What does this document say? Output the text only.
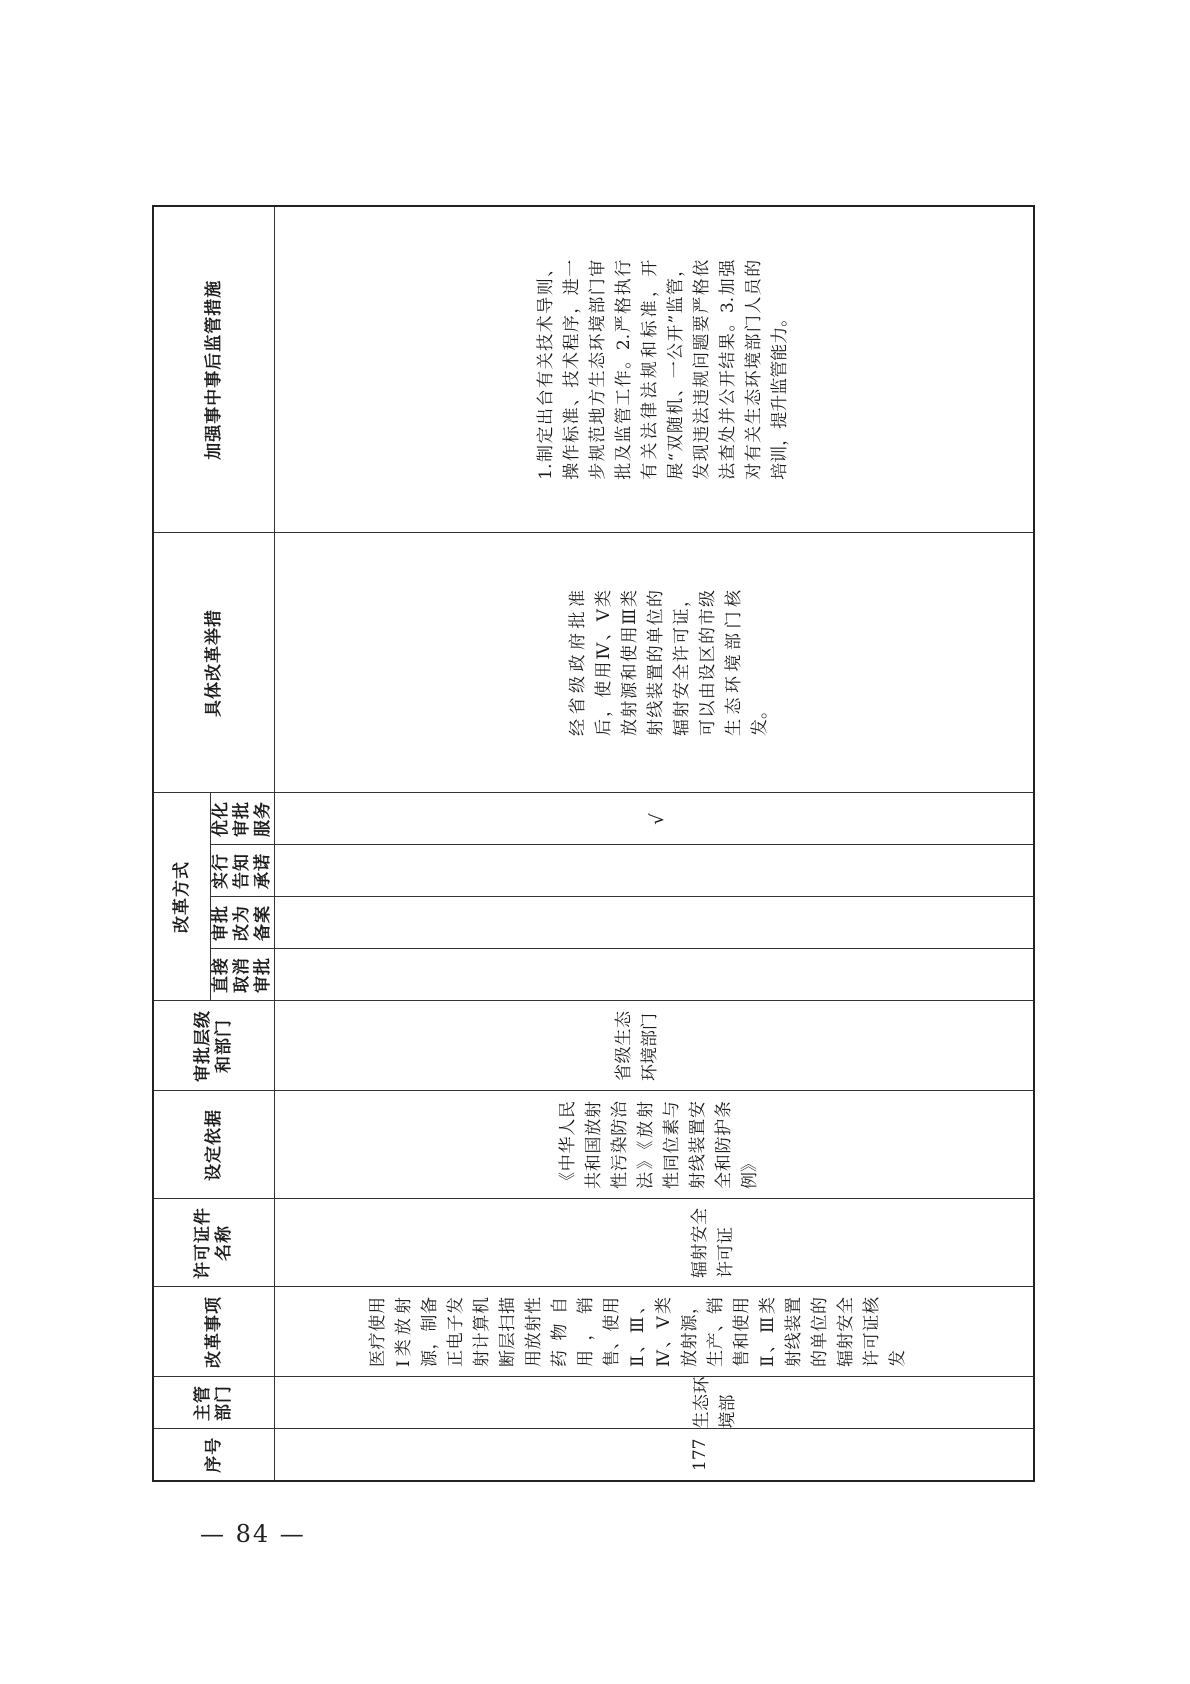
序号	主管部门	改革事项	许可证件名称	设定依据	审批层级和部门	改革方式				具体改革举措	加强事中事后监管措施
						直接取消审批	审批改为备案	实行告知承诺	优化审批服务		

177	生态环境部	医疗使用Ⅰ类放射源，制备正电子发射计算机断层扫描用放射性药物自用，销售、使用Ⅱ、Ⅲ、Ⅳ、Ⅴ类放射源，生产、销售和使用Ⅱ、Ⅲ类射线装置的单位的辐射安全许可证核发	辐射安全许可证	《中华人民共和国放射性污染防治法》《放射性同位素与射线装置安全和防护条例》	省级生态环境部门				√	经省级政府批准后，使用Ⅳ、Ⅴ类放射源和使用Ⅲ类射线装置的单位的辐射安全许可证，可以由设区的市级生态环境部门核发。	1.制定出台有关技术导则、操作标准、技术程序，进一步规范地方生态环境部门审批及监管工作。2.严格执行有关法律法规和标准，开展“双随机、一公开”监管，发现违法违规问题要严格依法查处并公开结果。3.加强对有关生态环境部门人员的培训，提升监管能力。
— 84 —
